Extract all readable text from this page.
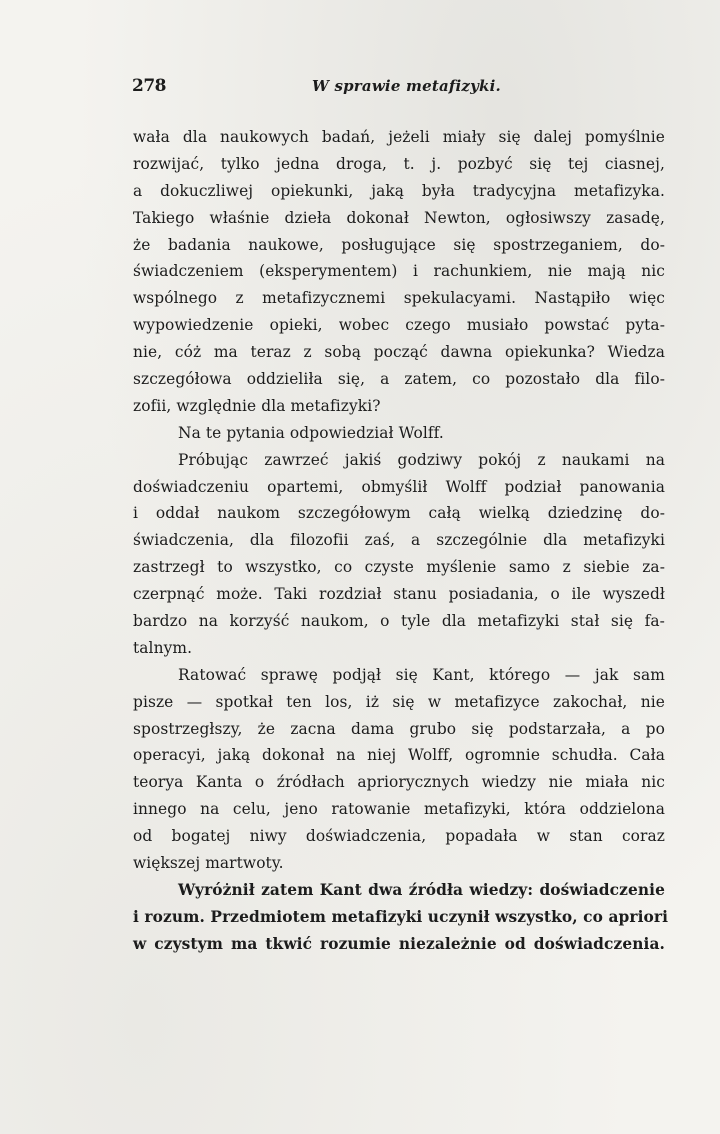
278	W sprawie metafizyki.
wała dla naukowych badań, jeżeli miały się dalej pomyślnie
rozwijać, tylko jedna droga, t. j. pozbyć się tej ciasnej,
a dokuczliwej opiekunki, jaką była tradycyjna metafizyka.
Takiego właśnie dzieła dokonał Newton, ogłosiwszy zasadę,
że badania naukowe, posługujące się spostrzeganiem, do-
świadczeniem (eksperymentem) i rachunkiem, nie mają nic
wspólnego z metafizycznemi spekulacyami. Nastąpiło więc
wypowiedzenie opieki, wobec czego musiało powstać pyta-
nie, cóż ma teraz z sobą począć dawna opiekunka? Wiedza
szczegółowa oddzieliła się, a zatem, co pozostało dla filo-
zofii, względnie dla metafizyki?
Na te pytania odpowiedział Wolff.
Próbując zawrzeć jakiś godziwy pokój z naukami na
doświadczeniu opartemi, obmyślił Wolff podział panowania
i oddał naukom szczegółowym całą wielką dziedzinę do-
świadczenia, dla filozofii zaś, a szczególnie dla metafizyki
zastrzegł to wszystko, co czyste myślenie samo z siebie za-
czerpnąć może. Taki rozdział stanu posiadania, o ile wyszedł
bardzo na korzyść naukom, o tyle dla metafizyki stał się fa-
talnym.
Ratować sprawę podjął się Kant, którego — jak sam
pisze — spotkał ten los, iż się w metafizyce zakochał, nie
spostrzegłszy, że zacna dama grubo się podstarzała, a po
operacyi, jaką dokonał na niej Wolff, ogromnie schudła. Cała
teorya Kanta o źródłach apriorycznych wiedzy nie miała nic
innego na celu, jeno ratowanie metafizyki, która oddzielona
od bogatej niwy doświadczenia, popadała w stan coraz
większej martwoty.
Wyróżnił zatem Kant dwa źródła wiedzy: doświadczenie
i rozum. Przedmiotem metafizyki uczynił wszystko, co apriori
w czystym ma tkwić rozumie niezależnie od doświadczenia.
